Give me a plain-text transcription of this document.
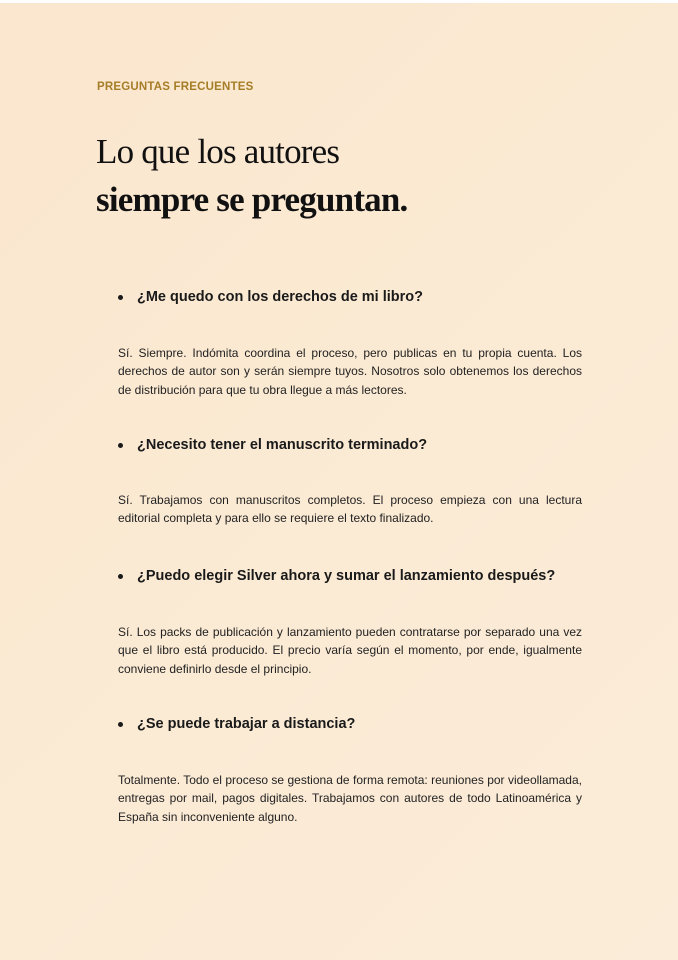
PREGUNTAS FRECUENTES
Lo que los autores
siempre se preguntan.
¿Me quedo con los derechos de mi libro?

Sí. Siempre. Indómita coordina el proceso, pero publicas en tu propia cuenta. Los derechos de autor son y serán siempre tuyos. Nosotros solo obtenemos los derechos de distribución para que tu obra llegue a más lectores.

¿Necesito tener el manuscrito terminado?

Sí. Trabajamos con manuscritos completos. El proceso empieza con una lectura editorial completa y para ello se requiere el texto finalizado.

¿Puedo elegir Silver ahora y sumar el lanzamiento después?

Sí. Los packs de publicación y lanzamiento pueden contratarse por separado una vez que el libro está producido. El precio varía según el momento, por ende, igualmente conviene definirlo desde el principio.

¿Se puede trabajar a distancia?

Totalmente. Todo el proceso se gestiona de forma remota: reuniones por videollamada, entregas por mail, pagos digitales. Trabajamos con autores de todo Latinoamérica y España sin inconveniente alguno.
